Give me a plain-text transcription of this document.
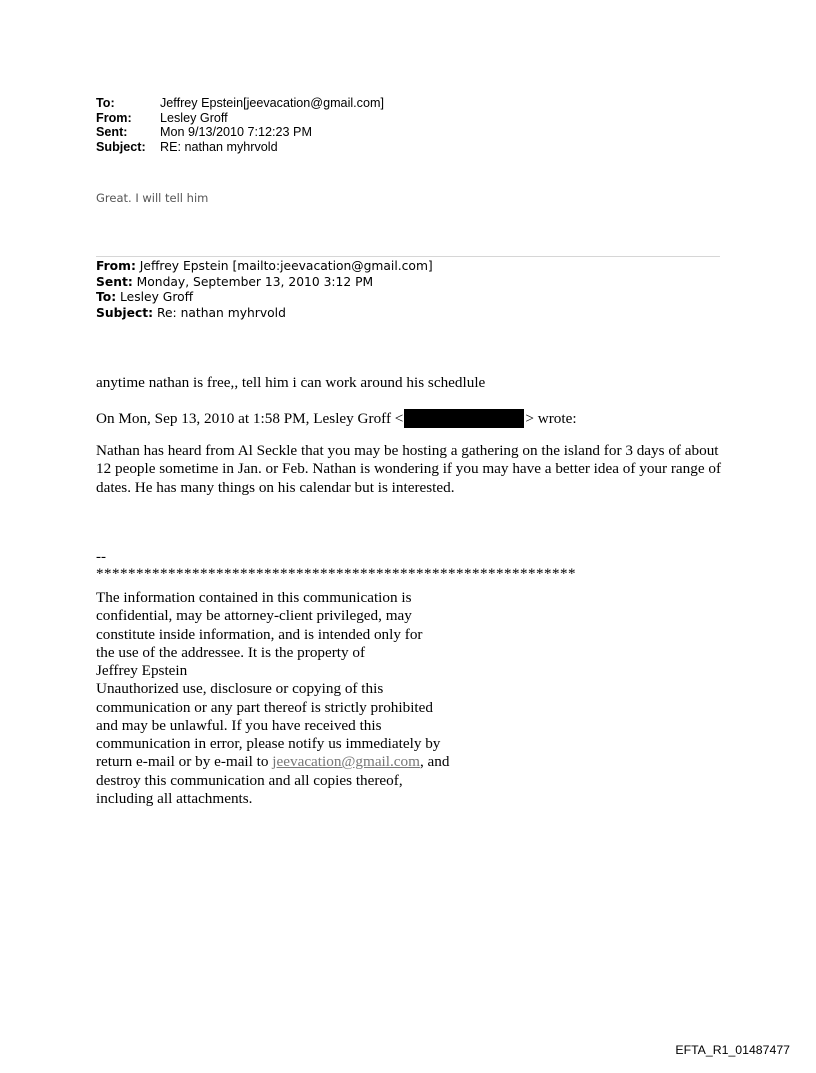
To:	Jeffrey Epstein[jeevacation@gmail.com]
From:	Lesley Groff
Sent:	Mon 9/13/2010 7:12:23 PM
Subject:	RE: nathan myhrvold
Great. I will tell him
From: Jeffrey Epstein [mailto:jeevacation@gmail.com]
Sent: Monday, September 13, 2010 3:12 PM
To: Lesley Groff
Subject: Re: nathan myhrvold
anytime nathan is free,, tell him i can work around his schedlule
On Mon, Sep 13, 2010 at 1:58 PM, Lesley Groff <	> wrote:
Nathan has heard from Al Seckle that you may be hosting a gathering on the island for 3 days of about 12 people sometime in Jan. or Feb. Nathan is wondering if you may have a better idea of your range of dates. He has many things on his calendar but is interested.
--
************************************************************
The information contained in this communication is
confidential, may be attorney-client privileged, may
constitute inside information, and is intended only for
the use of the addressee. It is the property of
Jeffrey Epstein
Unauthorized use, disclosure or copying of this
communication or any part thereof is strictly prohibited
and may be unlawful. If you have received this
communication in error, please notify us immediately by
return e-mail or by e-mail to jeevacation@gmail.com, and
destroy this communication and all copies thereof,
including all attachments.
EFTA_R1_01487477
